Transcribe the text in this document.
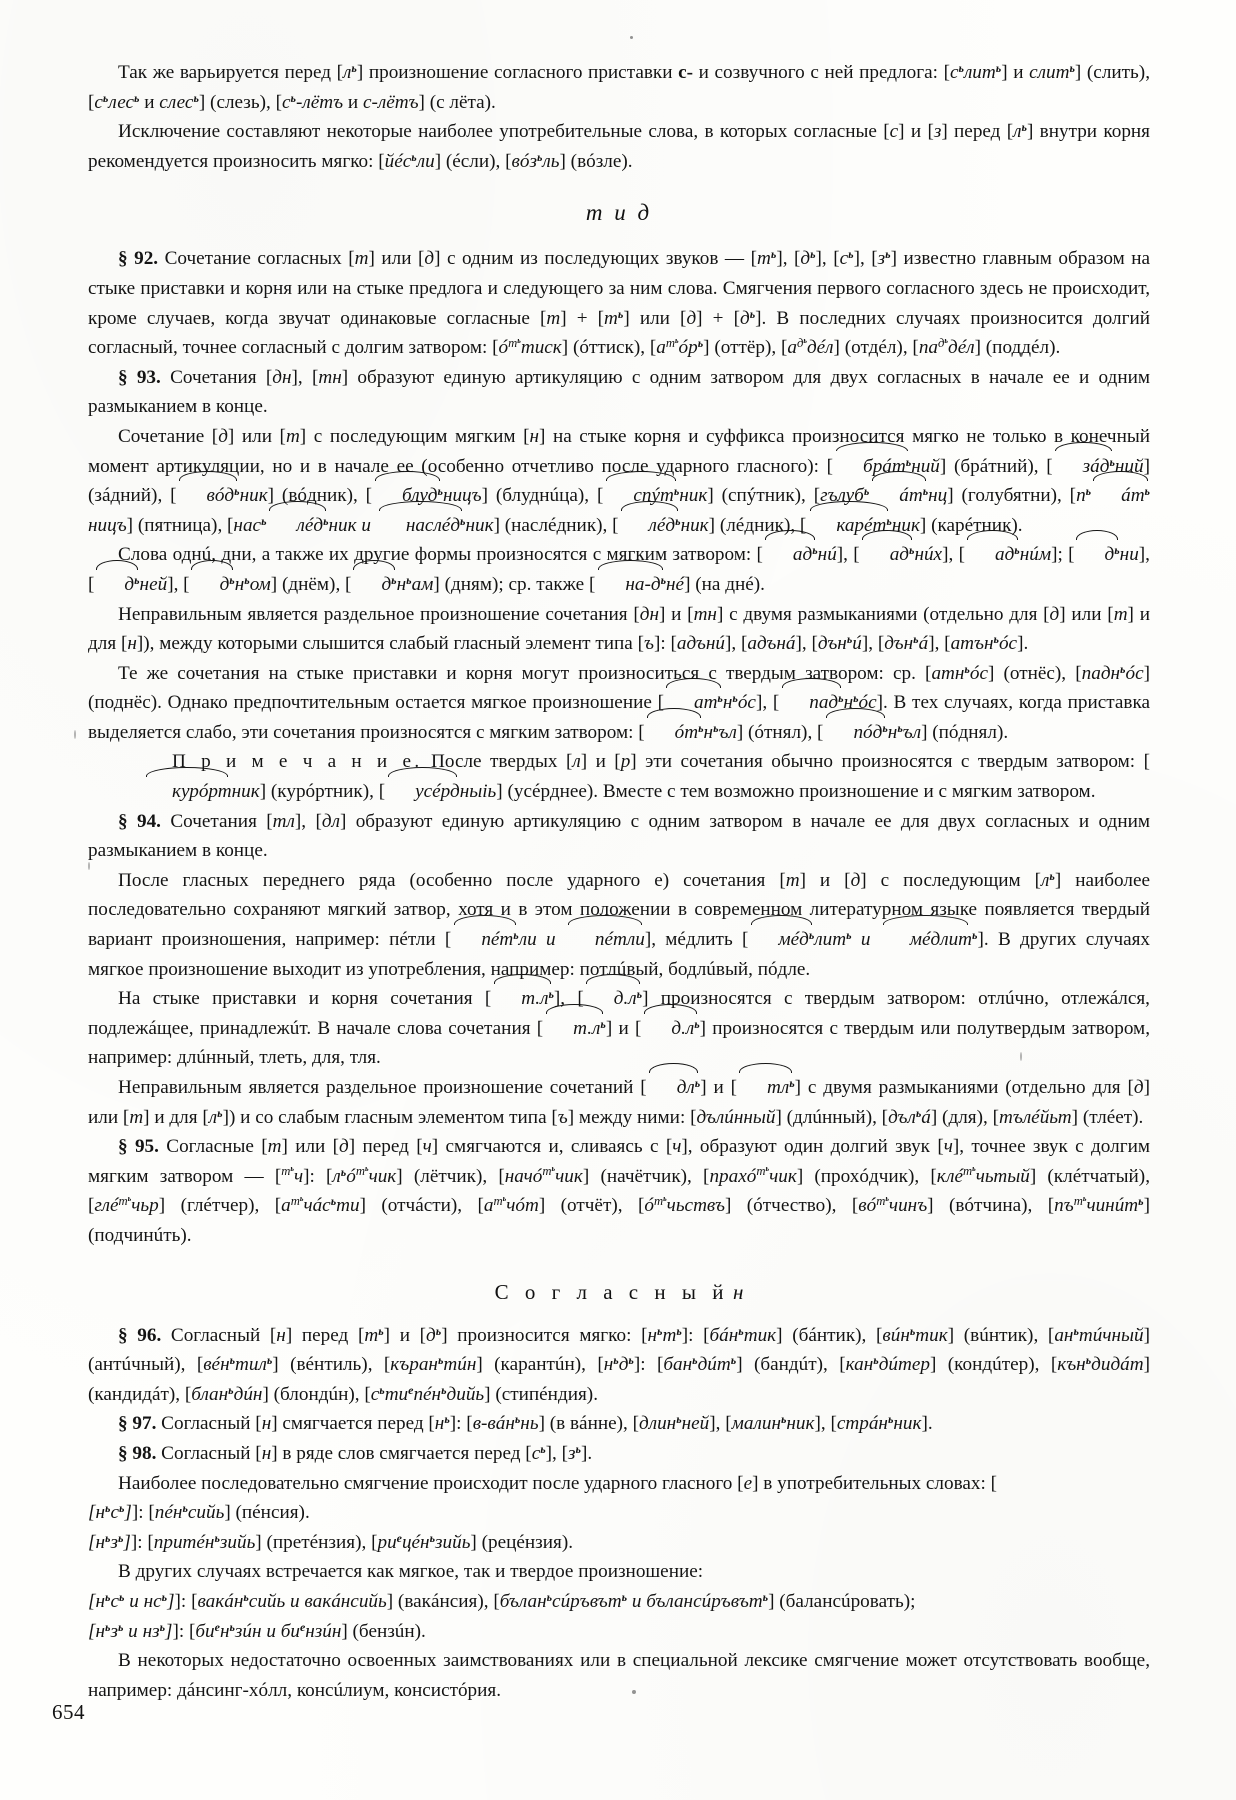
Так же варьируется перед $[л^ь]$ произношение согласного приставки с- и созвучного с ней предлога: $[с^ьлит^ь]$ и слит$^ь$] (слить), [$с^ьлес^ь$ и слес$^ь$] (слезь), [$с^ь$-лётъ и с-лётъ] (с лёта).

Исключение составляют некоторые наиболее употребительные слова, в которых согласные [с] и [з] перед $[л^ь]$ внутри корня рекомендуется произносить мягко: [йéс$^ь$ли] (éсли), [вóз$^ь$ль] (вóзле).

т и д

§ 92. Сочетание согласных [т] или [д] с одним из последующих звуков — $[т^ь]$, $[д^ь]$, $[с^ь]$, $[з^ь]$ известно главным образом на стыке приставки и корня или на стыке предлога и следующего за ним слова. Смягчения первого согласного здесь не происходит, кроме случаев, когда звучат одинаковые согласные $[т] + [т^ь]$ или $[д] + [д^ь]$. В последних случаях произносится долгий согласный, точнее согласный с долгим затвором: $[ó^{т^ь}тиск]$ (óттиск), $[а^{т^ь}óр^ь]$ (оттёр), $[а^{д^ь}дéл]$ (отдéл), $[па^{д^ь}дéл]$ (поддéл).

§ 93. Сочетания [дн], [тн] образуют единую артикуляцию с одним затвором для двух согласных в начале ее и одним размыканием в конце.

Сочетание [д] или [т] с последующим мягким [н] на стыке корня и суффикса произносится мягко не только в конечный момент артикуляции, но и в начале ее (особенно отчетливо после ударного гласного): [ брáт$^ь$ний] (брáтний), [ зáд$^ь$ний] (зáдний), [ вóд$^ь$ник] (вóдник), [ блуд$^ь$ницъ] (блуднúца), [ спýт$^ь$ник] (спýтник), [гълуб$^ь$ $áт^ьнц$] (голубятни), [$п^ь$ $áт^ьницъ$] (пятница), [нас$^ь$ лéд$^ь$ник и наслéд$^ь$ник] (наслéдник), [ лéд$^ь$ник] (лéдник), [ карéт$^ь$ник] (карéтник).

Слова однú, дни, а также их другие формы произносятся с мягким затвором: [ $ад^ьнú$], [ $ад^ьнúх$], [ $ад^ьнúм$]; [ $д^ьни$], [ $д^ьней$], [ $д^ьн^ьом$] (днём), [ $д^ьн^ьам$] (дням); ср. также [ $на-д^ьнé$] (на днé).

Неправильным является раздельное произношение сочетания [дн] и [тн] с двумя размыканиями (отдельно для [д] или [т] и для [н]), между которыми слышится слабый гласный элемент типа [ъ]: [адънú], [адънá], [дън$^ь$ú], [дън$^ь$á], [атън$^ь$óс].

Те же сочетания на стыке приставки и корня могут произноситься с твердым затвором: ср. [атн$^ь$óс] (отнёс), [падн$^ь$óс] (поднёс). Однако предпочтительным остается мягкое произношение [ $ат^ьн^ьóс$], [ $пад^ьн^ьóс$]. В тех случаях, когда приставка выделяется слабо, эти сочетания произносятся с мягким затвором: [ $óт^ьн^ьъл$] (óтнял), [ $пóд^ьн^ьъл$] (пóднял).

П р и м е ч а н и е. После твердых [л] и [р] эти сочетания обычно произносятся с твердым затвором: [курóртник] (курóртник), [ усéрдныiь] (усéрднее). Вместе с тем возможно произношение и с мягким затвором.

§ 94. Сочетания [тл], [дл] образуют единую артикуляцию с одним затвором в начале ее для двух согласных и одним размыканием в конце.

После гласных переднего ряда (особенно после ударного е) сочетания [т] и [д] с последующим $[л^ь]$ наиболее последовательно сохраняют мягкий затвор, хотя и в этом положении в современном литературном языке появляется твердый вариант произношения, например: пéтли [ пéт$^ь$ли и пéтли], мéдлить [ мéд$^ь$лит$^ь$ и мéдлит$^ь$]. В других случаях мягкое произношение выходит из употребления, например: потлúвый, бодлúвый, пóдле.

На стыке приставки и корня сочетания [ $т.л^ь$], [ $д.л^ь$] произносятся с твердым затвором: отлúчно, отлежáлся, подлежáщее, принадлежúт. В начале слова сочетания [ $т.л^ь$] и [ $д.л^ь$] произносятся с твердым или полутвердым затвором, например: длúнный, тлеть, для, тля.

Неправильным является раздельное произношение сочетаний [ $дл^ь$] и [ $тл^ь$] с двумя размыканиями (отдельно для [д] или [т] и для $[л^ь]$) и со слабым гласным элементом типа [ъ] между ними: [дълúнный] (длúнный), [дъл$^ь$á] (для), [тълéйьт] (тлéет).

§ 95. Согласные [т] или [д] перед [ч] смягчаются и, сливаясь с [ч], образуют один долгий звук [ч], точнее звук с долгим мягким затвором — [$^{т^ь}$ч]: $[л^ьó^{т^ь}чик]$ (лётчик), [начó$^{т^ь}$чик] (начётчик), [прахó$^{т^ь}$чик] (прохóдчик), [клé$^{т^ь}$чьтый] (клéтчатый), [глé$^{т^ь}$чьр] (глéтчер), $[а^{т^ь}чáс^ьти]$ (отчáсти), $[а^{т^ь}чóт]$ (отчёт), $[ó^{т^ь}чьствъ]$ (óтчество), $[вó^{т^ь}чинъ]$ (вóтчина), $[пъ^{т^ь}чинúт^ь]$ (подчинúть).

С о г л а с н ы й н

§ 96. Согласный [н] перед $[т^ь]$ и $[д^ь]$ произносится мягко: $[н^ьт^ь]$: [бáн$^ь$тик] (бáнтик), [вúн$^ь$тик] (вúнтик), $[ан^ьтúчный]$ (антúчный), [вéн$^ь$тил$^ь$] (вéнтиль), [къран$^ь$тúн] (карантúн), $[н^ьд^ь]$: [бан$^ь$дúт$^ь$] (бандúт), [кан$^ь$дúтер] (кондúтер), [кън$^ь$дидáт] (кандидáт), [блан$^ь$дúн] (блондúн), $[с^ьти^епéн^ьдийь]$ (стипéндия).

§ 97. Согласный [н] смягчается перед $[н^ь]$: [в-вáн$^ь$нь] (в вáнне), [длин$^ь$ней], [малин$^ь$ник], [стрáн$^ь$ник].

§ 98. Согласный [н] в ряде слов смягчается перед $[с^ь]$, $[з^ь]$.

Наиболее последовательно смягчение происходит после ударного гласного [е] в употребительных словах: [

$[н^ьс^ь]$]: [пéн$^ь$сийь] (пéнсия).

$[н^ьз^ь]$]: [притéн$^ь$зийь] (претéнзия), $[ри^ецéн^ьзийь]$ (рецéнзия).

В других случаях встречается как мягкое, так и твердое произношение:

[$н^ьс^ь$ и $нс^ь$]]: [вакáн$^ь$сийь и вакáнсийь] (вакáнсия), [бълан$^ь$сúръвът$^ь$ и бълансúръвът$^ь$] (балансúровать);

[$н^ьз^ь$ и $нз^ь$]]: [$би^ен^ьзúн$ и $би^ензúн$] (бензúн).

В некоторых недостаточно освоенных заимствованиях или в специальной лексике смягчение может отсутствовать вообще, например: дáнсинг-хóлл, консúлиум, консистóрия.

654
